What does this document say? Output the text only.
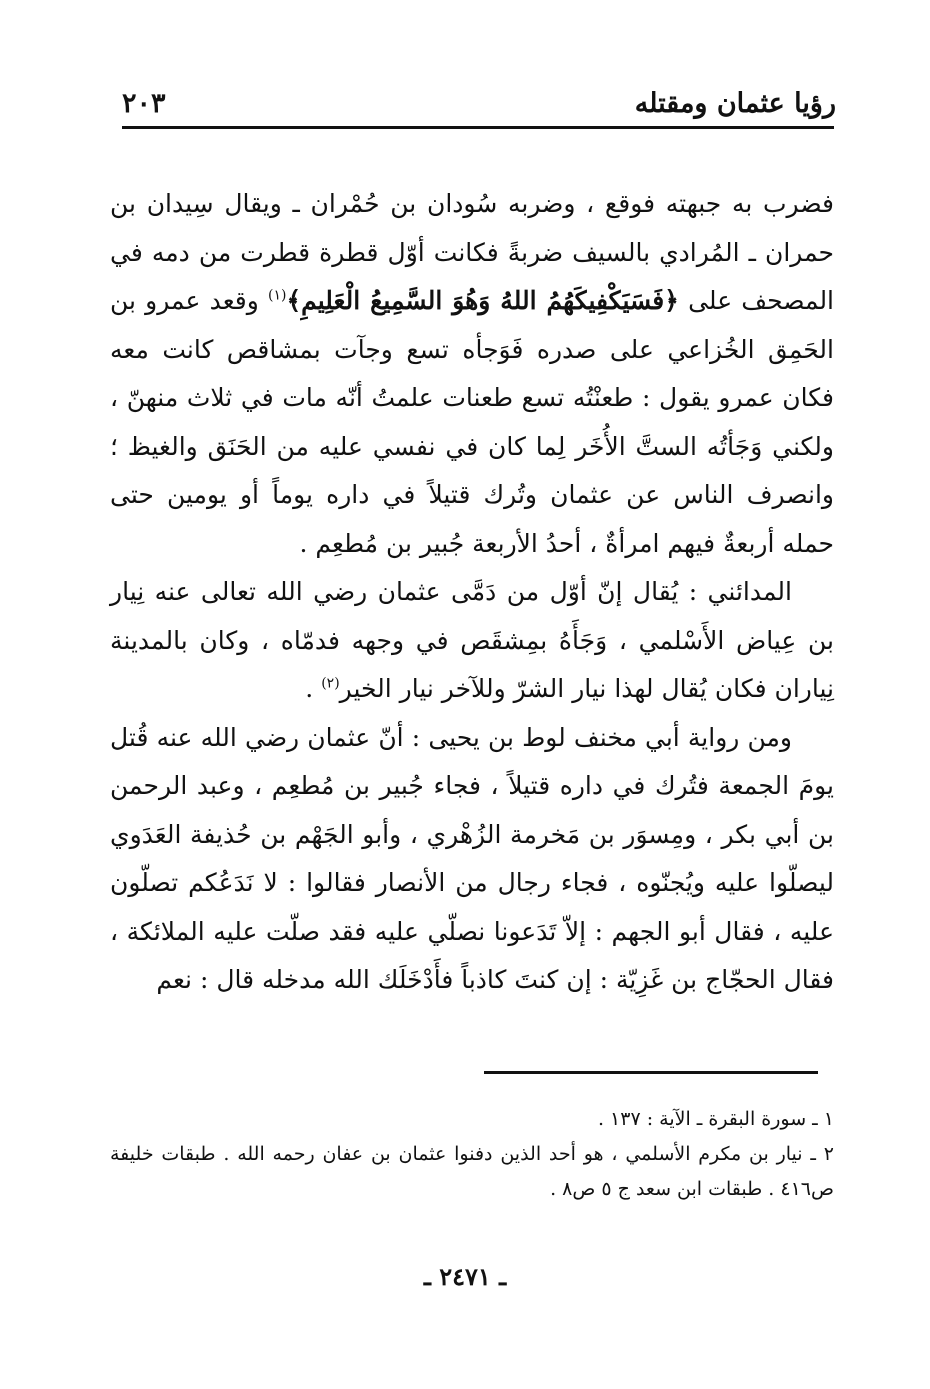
رؤيا عثمان ومقتله
٢٠٣

فضرب به جبهته فوقع ، وضربه سُودان بن حُمْران ـ ويقال سِيدان بن حمران ـ المُرادي بالسيف ضربةً فكانت أوّل قطرة قطرت من دمه في المصحف على ﴿فَسَيَكْفِيكَهُمُ اللهُ وَهُوَ السَّمِيعُ الْعَلِيمِ﴾$^{(١)}$ وقعد عمرو بن الحَمِق الخُزاعي على صدره فَوَجأه تسع وجآت بمشاقص كانت معه فكان عمرو يقول : طعنْتُه تسع طعنات علمتُ أنّه مات في ثلاث منهنّ ، ولكني وَجَأتُه الستَّ الأُخَر لِما كان في نفسي عليه من الحَنَق والغيظ ؛ وانصرف الناس عن عثمان وتُرك قتيلاً في داره يوماً أو يومين حتى حمله أربعةٌ فيهم امرأةٌ ، أحدُ الأربعة جُبير بن مُطعِم .

المدائني : يُقال إنّ أوّل من دَمَّى عثمان رضي الله تعالى عنه نِيار بن عِياض الأَسْلمي ، وَجَأَهُ بمِشقَص في وجهه فدمّاه ، وكان بالمدينة نِياران فكان يُقال لهذا نيار الشرّ وللآخر نيار الخير$^{(٢)}$ .

ومن رواية أبي مخنف لوط بن يحيى : أنّ عثمان رضي الله عنه قُتل يومَ الجمعة فتُرك في داره قتيلاً ، فجاء جُبير بن مُطعِم ، وعبد الرحمن بن أبي بكر ، ومِسوَر بن مَخرمة الزُهْري ، وأبو الجَهْم بن حُذيفة العَدَوي ليصلّوا عليه ويُجنّوه ، فجاء رجال من الأنصار فقالوا : لا نَدَعُكم تصلّون عليه ، فقال أبو الجهم : إلاّ تَدَعونا نصلّي عليه فقد صلّت عليه الملائكة ، فقال الحجّاج بن غَزِيّة : إن كنتَ كاذباً فأَدْخَلَك الله مدخله قال : نعم

١ ـ سورة البقرة ـ الآية : ١٣٧ .

٢ ـ نيار بن مكرم الأسلمي ، هو أحد الذين دفنوا عثمان بن عفان رحمه الله . طبقات خليفة ص٤١٦ . طبقات ابن سعد ج ٥ ص٨ .

ـ ٢٤٧١ ـ
